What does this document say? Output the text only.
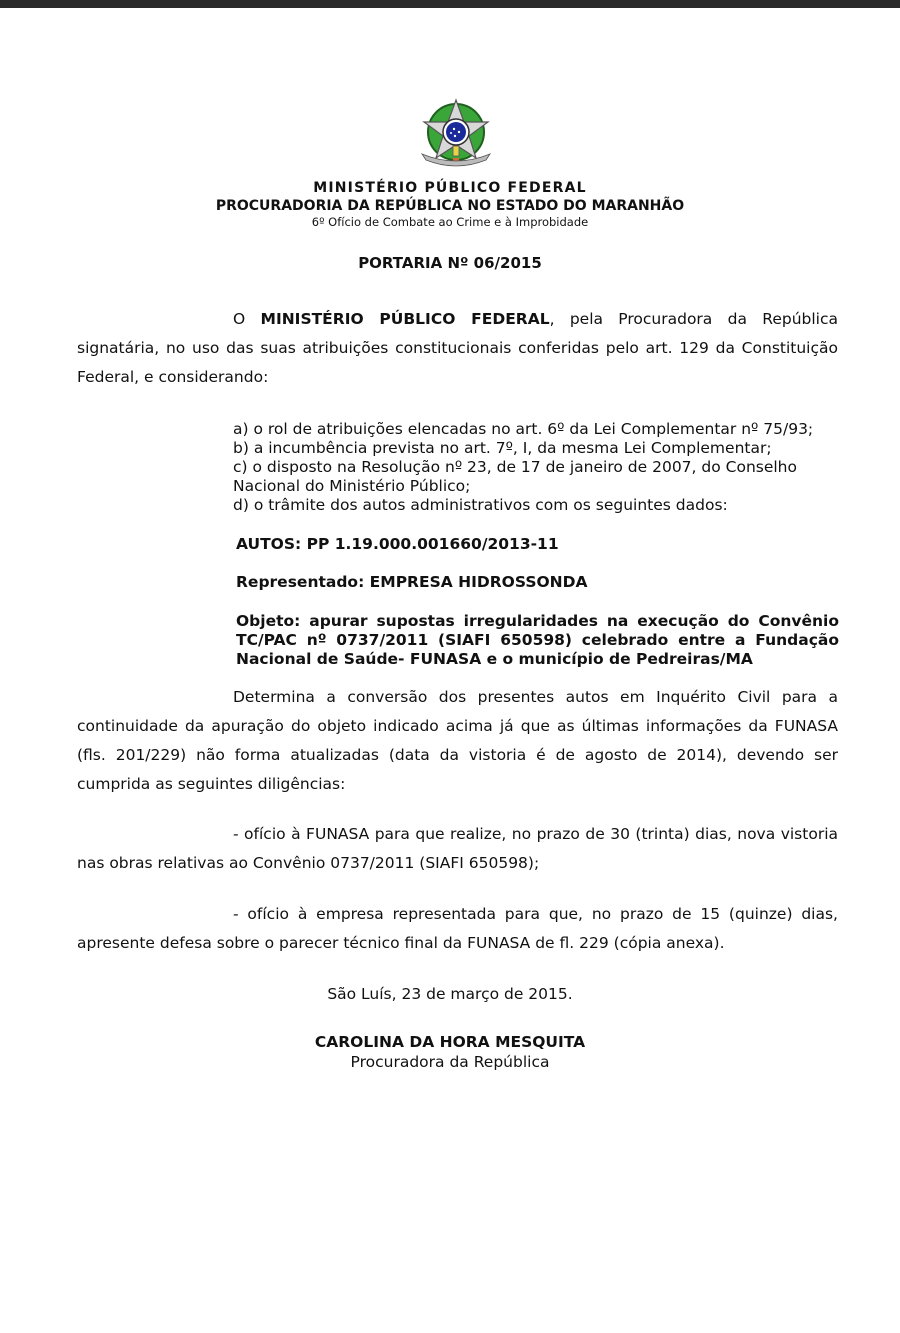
MINISTÉRIO PÚBLICO FEDERAL
PROCURADORIA DA REPÚBLICA NO ESTADO DO MARANHÃO
6º Ofício de Combate ao Crime e à Improbidade
PORTARIA Nº 06/2015
O MINISTÉRIO PÚBLICO FEDERAL, pela Procuradora da República signatária, no uso das suas atribuições constitucionais conferidas pelo art. 129 da Constituição Federal, e considerando:
a) o rol de atribuições elencadas no art. 6º da Lei Complementar nº 75/93;
b) a incumbência prevista no art. 7º, I, da mesma Lei Complementar;
c) o disposto na Resolução nº 23, de 17 de janeiro de 2007, do Conselho Nacional do Ministério Público;
d) o trâmite dos autos administrativos com os seguintes dados:
AUTOS: PP 1.19.000.001660/2013-11
Representado: EMPRESA HIDROSSONDA
Objeto: apurar supostas irregularidades na execução do Convênio TC/PAC nº 0737/2011 (SIAFI 650598) celebrado entre a Fundação Nacional de Saúde- FUNASA e o município de Pedreiras/MA
Determina a conversão dos presentes autos em Inquérito Civil para a continuidade da apuração do objeto indicado acima já que as últimas informações da FUNASA (fls. 201/229) não forma atualizadas (data da vistoria é de agosto de 2014), devendo ser cumprida as seguintes diligências:
- ofício à FUNASA para que realize, no prazo de 30 (trinta) dias, nova vistoria nas obras relativas ao Convênio 0737/2011 (SIAFI 650598);
- ofício à empresa representada para que, no prazo de 15 (quinze) dias, apresente defesa sobre o parecer técnico final da FUNASA de fl. 229 (cópia anexa).
São Luís, 23 de março de 2015.
CAROLINA DA HORA MESQUITA
Procuradora da República
